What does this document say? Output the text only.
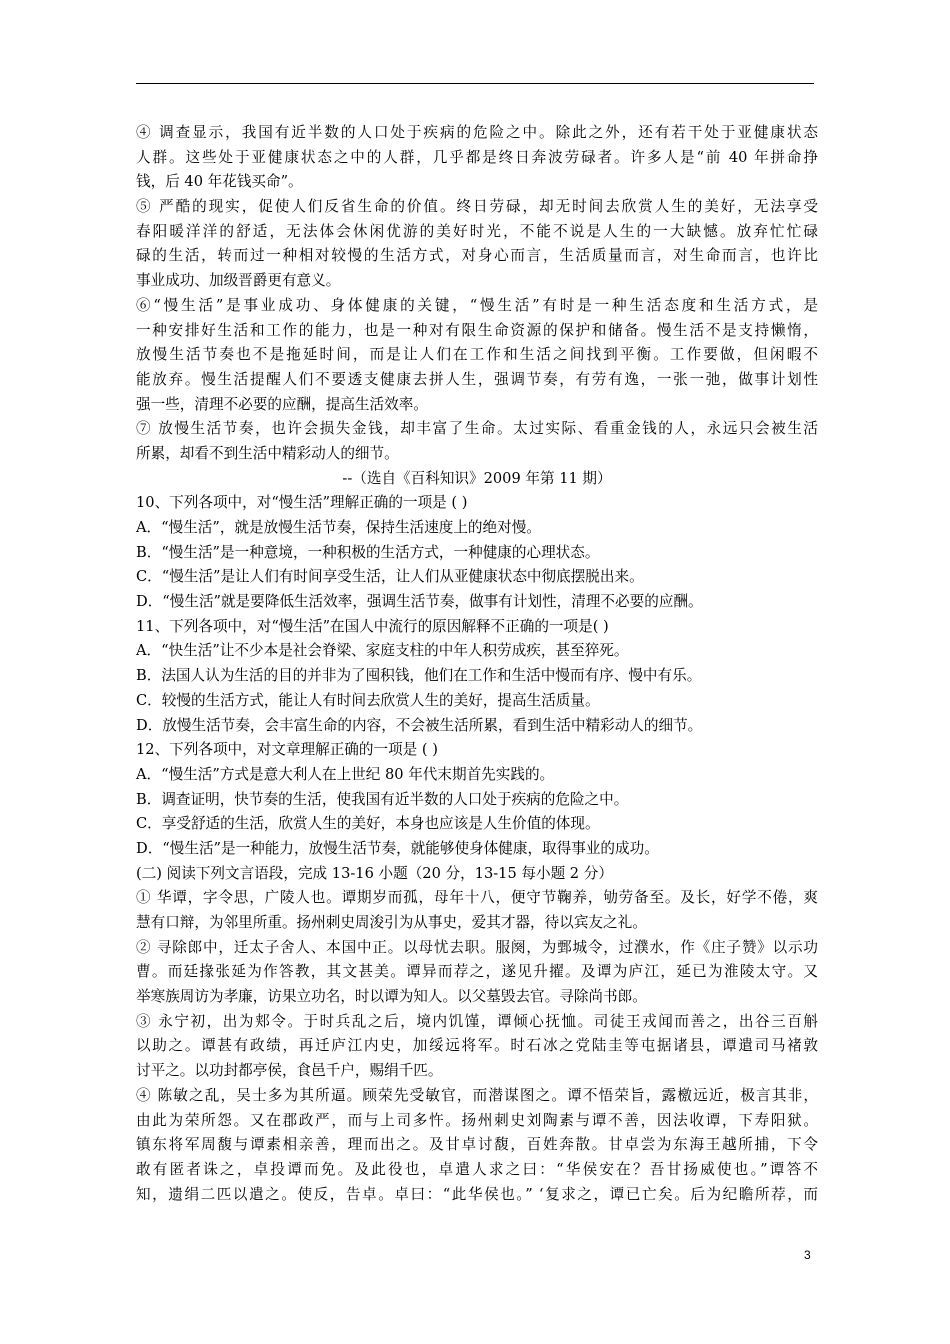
④ 调查显示，我国有近半数的人口处于疾病的危险之中。除此之外，还有若干处于亚健康状态
人群。这些处于亚健康状态之中的人群，几乎都是终日奔波劳碌者。许多人是“前 40 年拼命挣
钱，后 40 年花钱买命”。
⑤ 严酷的现实，促使人们反省生命的价值。终日劳碌，却无时间去欣赏人生的美好，无法享受
春阳暖洋洋的舒适，无法体会休闲优游的美好时光，不能不说是人生的一大缺憾。放弃忙忙碌
碌的生活，转而过一种相对较慢的生活方式，对身心而言，生活质量而言，对生命而言，也许比
事业成功、加级晋爵更有意义。
⑥“慢生活”是事业成功、身体健康的关键，“慢生活”有时是一种生活态度和生活方式，是
一种安排好生活和工作的能力，也是一种对有限生命资源的保护和储备。慢生活不是支持懒惰，
放慢生活节奏也不是拖延时间，而是让人们在工作和生活之间找到平衡。工作要做，但闲暇不
能放弃。慢生活提醒人们不要透支健康去拼人生，强调节奏，有劳有逸，一张一弛，做事计划性
强一些，清理不必要的应酬，提高生活效率。
⑦ 放慢生活节奏，也许会损失金钱，却丰富了生命。太过实际、看重金钱的人，永远只会被生活
所累，却看不到生活中精彩动人的细节。
--（选自《百科知识》2009 年第 11 期）
10、下列各项中，对“慢生活”理解正确的一项是 ( )
A．“慢生活”，就是放慢生活节奏，保持生活速度上的绝对慢。
B．“慢生活”是一种意境，一种积极的生活方式，一种健康的心理状态。
C．“慢生活”是让人们有时间享受生活，让人们从亚健康状态中彻底摆脱出来。
D．“慢生活”就是要降低生活效率，强调生活节奏，做事有计划性，清理不必要的应酬。
11、下列各项中，对“慢生活”在国人中流行的原因解释不正确的一项是( )
A．“快生活”让不少本是社会脊梁、家庭支柱的中年人积劳成疾，甚至猝死。
B．法国人认为生活的目的并非为了囤积钱，他们在工作和生活中慢而有序、慢中有乐。
C．较慢的生活方式，能让人有时间去欣赏人生的美好，提高生活质量。
D．放慢生活节奏，会丰富生命的内容，不会被生活所累，看到生活中精彩动人的细节。
12、下列各项中，对文章理解正确的一项是 ( )
A．“慢生活”方式是意大利人在上世纪 80 年代末期首先实践的。
B．调查证明，快节奏的生活，使我国有近半数的人口处于疾病的危险之中。
C．享受舒适的生活，欣赏人生的美好，本身也应该是人生价值的体现。
D．“慢生活”是一种能力，放慢生活节奏，就能够使身体健康，取得事业的成功。
(二) 阅读下列文言语段，完成 13-16 小题（20 分，13-15 每小题 2 分）
① 华谭，字令思，广陵人也。谭期岁而孤，母年十八，便守节鞠养，劬劳备至。及长，好学不倦，爽
慧有口辩，为邻里所重。扬州刺史周浚引为从事史，爱其才器，待以宾友之礼。
② 寻除郎中，迁太子舍人、本国中正。以母忧去职。服阕，为鄄城令，过濮水，作《庄子赞》以示功
曹。而廷掾张延为作答教，其文甚美。谭异而荐之，遂见升擢。及谭为庐江，延已为淮陵太守。又
举寒族周访为孝廉，访果立功名，时以谭为知人。以父墓毁去官。寻除尚书郎。
③ 永宁初，出为郏令。于时兵乱之后，境内饥馑，谭倾心抚恤。司徒王戎闻而善之，出谷三百斛
以助之。谭甚有政绩，再迁庐江内史，加绥远将军。时石冰之党陆圭等屯据诸县，谭遣司马褚敦
讨平之。以功封都亭侯，食邑千户，赐绢千匹。
④ 陈敏之乱，吴士多为其所逼。顾荣先受敏官，而潜谋图之。谭不悟荣旨，露檄远近，极言其非，
由此为荣所怨。又在郡政严，而与上司多忤。扬州刺史刘陶素与谭不善，因法收谭，下寿阳狱。
镇东将军周馥与谭素相亲善，理而出之。及甘卓讨馥，百姓奔散。甘卓尝为东海王越所捕，下令
敢有匿者诛之，卓投谭而免。及此役也，卓遣人求之曰：“华侯安在？吾甘扬威使也。”谭答不
知，遗绢二匹以遣之。使反，告卓。卓曰：“此华侯也。” ‘复求之，谭已亡矣。后为纪瞻所荐，而
3
